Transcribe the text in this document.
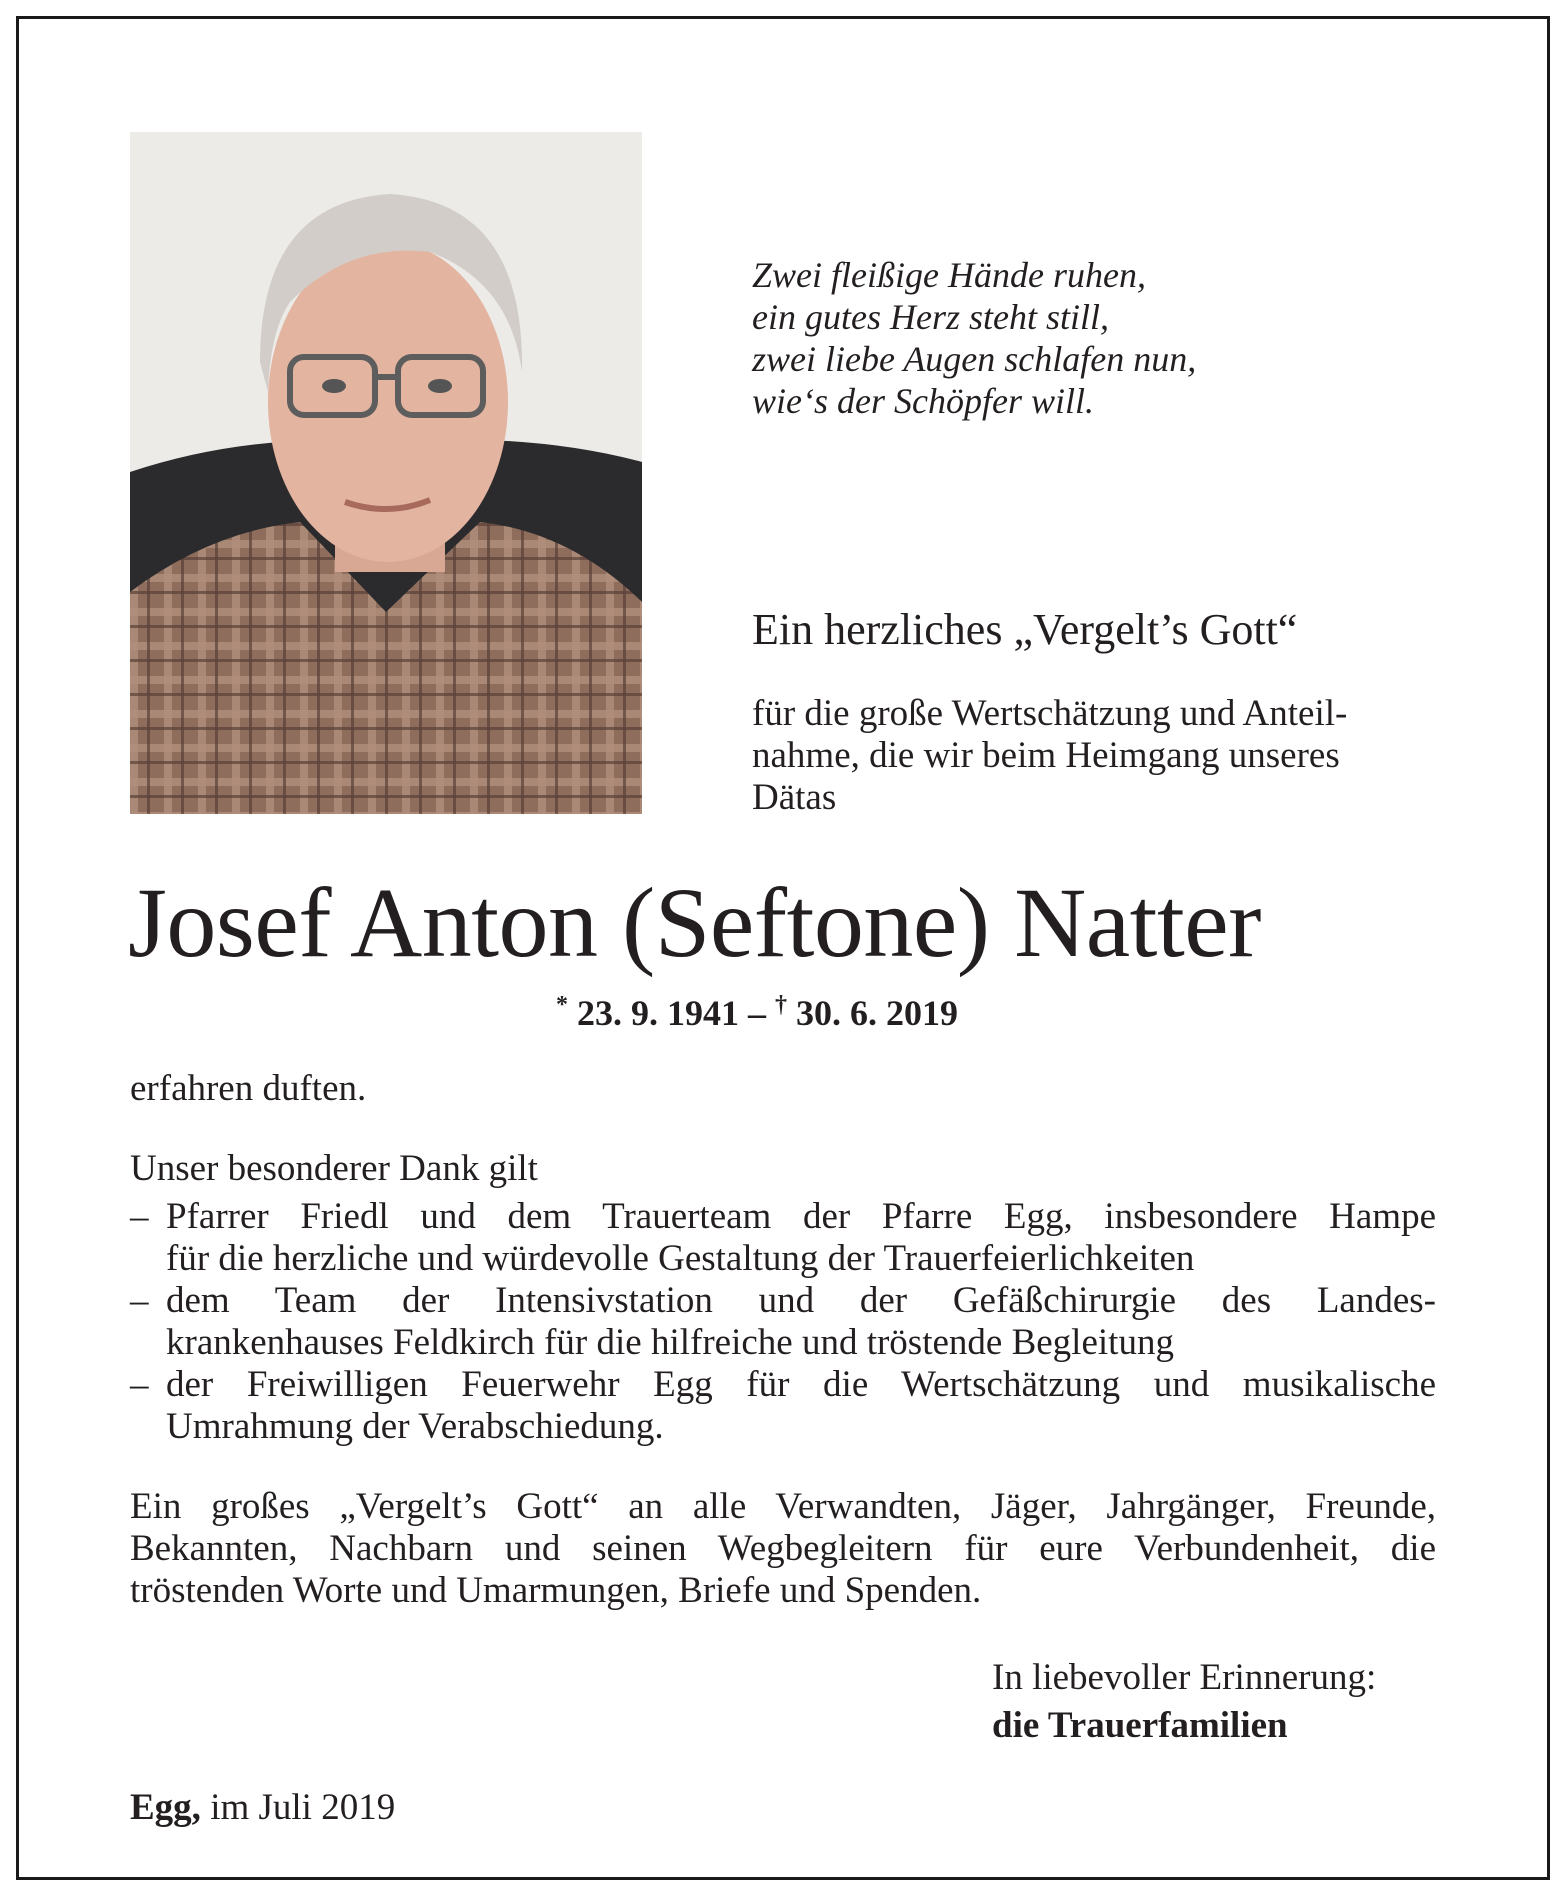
Zwei fleißige Hände ruhen,
ein gutes Herz steht still,
zwei liebe Augen schlafen nun,
wie‘s der Schöpfer will.
Ein herzliches „Vergelt’s Gott“
für die große Wertschätzung und Anteil-
nahme, die wir beim Heimgang unseres
Dätas
Josef Anton (Seftone) Natter
* 23. 9. 1941 – † 30. 6. 2019
erfahren duften.
Unser besonderer Dank gilt
– Pfarrer Friedl und dem Trauerteam der Pfarre Egg, insbesondere Hampe
für die herzliche und würdevolle Gestaltung der Trauerfeierlichkeiten
– dem Team der Intensivstation und der Gefäßchirurgie des Landes-
krankenhauses Feldkirch für die hilfreiche und tröstende Begleitung
– der Freiwilligen Feuerwehr Egg für die Wertschätzung und musikalische
Umrahmung der Verabschiedung.
Ein großes „Vergelt’s Gott“ an alle Verwandten, Jäger, Jahrgänger, Freunde,
Bekannten, Nachbarn und seinen Wegbegleitern für eure Verbundenheit, die
tröstenden Worte und Umarmungen, Briefe und Spenden.
In liebevoller Erinnerung:
die Trauerfamilien
Egg, im Juli 2019
